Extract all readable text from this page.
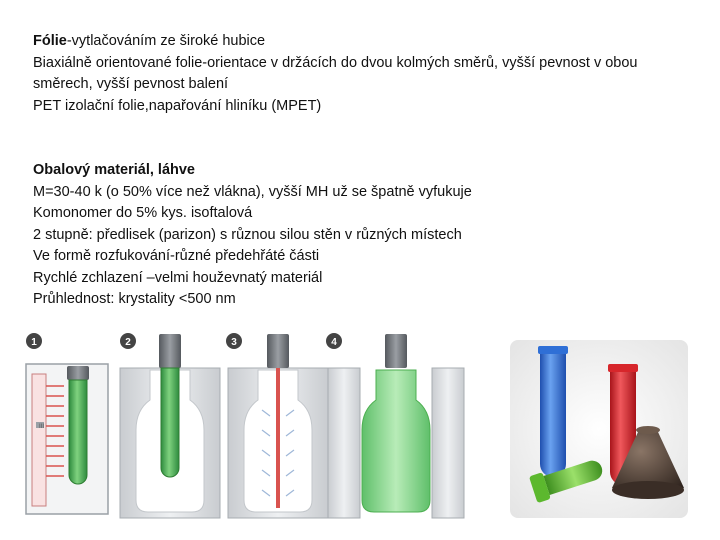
Fólie-vytlačováním ze široké hubice
Biaxiálně orientované folie-orientace v držácích do dvou kolmých směrů, vyšší pevnost v obou směrech, vyšší pevnost balení
PET izolační folie,napařování hliníku (MPET)
Obalový materiál, láhve
M=30-40 k (o 50% více než vlákna), vyšší MH už se špatně vyfukuje
Komonomer do 5% kys. isoftalová
2 stupně: předlisek (parizon) s různou silou stěn v různých místech
Ve formě rozfukování-různé předehřáté části
Rychlé zchlazení –velmi houževnatý materiál
Průhlednost: krystality <500 nm
1
III
2	3	4
